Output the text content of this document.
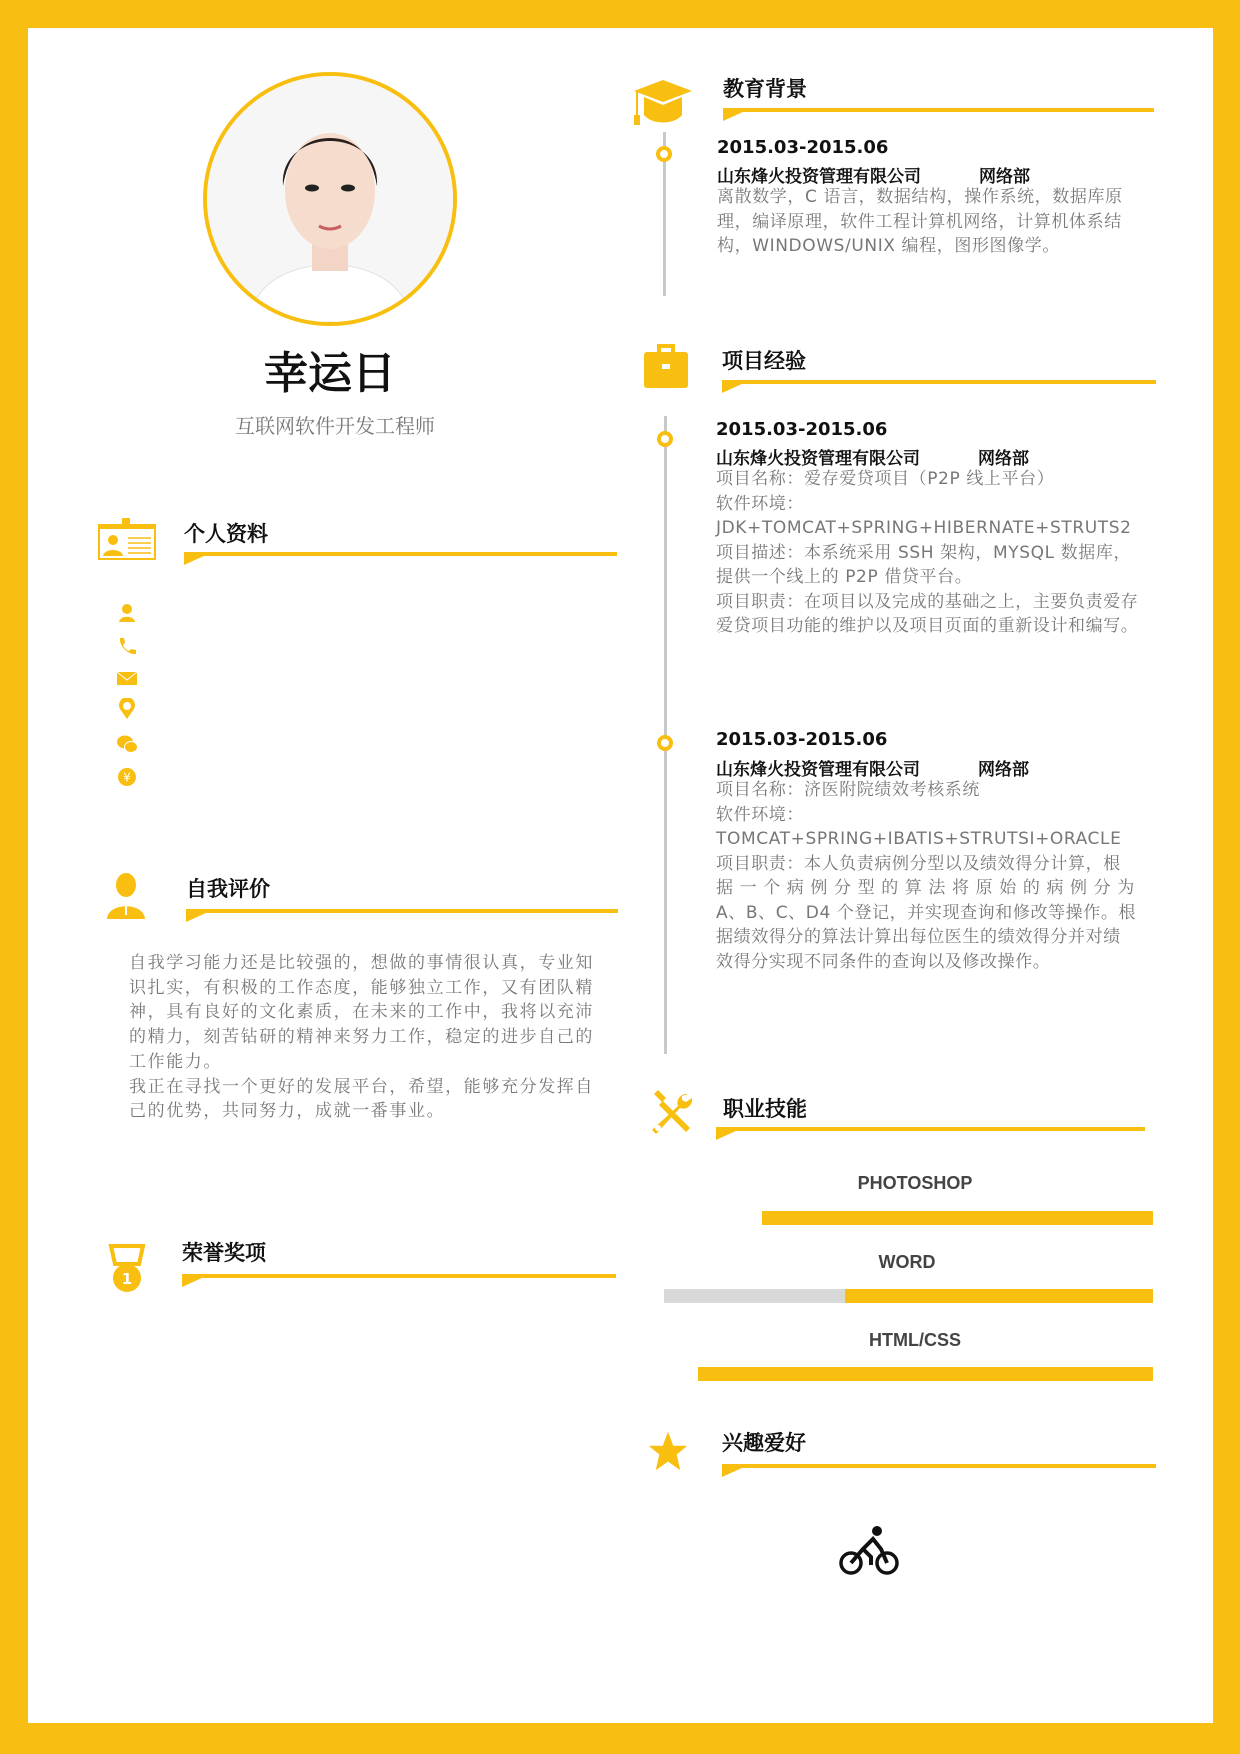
幸运日
互联网软件开发工程师
个人资料
¥
自我评价
自我学习能力还是比较强的，想做的事情很认真，专业知
识扎实，有积极的工作态度，能够独立工作，又有团队精
神，具有良好的文化素质，在未来的工作中，我将以充沛
的精力，刻苦钻研的精神来努力工作，稳定的进步自己的
工作能力。
我正在寻找一个更好的发展平台，希望，能够充分发挥自
己的优势，共同努力，成就一番事业。
1
荣誉奖项
教育背景
2015.03-2015.06
山东烽火投资管理有限公司	网络部
离散数学，C 语言，数据结构，操作系统，数据库原
理，编译原理，软件工程计算机网络，计算机体系结
构，WINDOWS/UNIX 编程，图形图像学。
项目经验
2015.03-2015.06
山东烽火投资管理有限公司	网络部
项目名称：爱存爱贷项目（P2P 线上平台）
软件环境：
JDK+TOMCAT+SPRING+HIBERNATE+STRUTS2
项目描述：本系统采用 SSH 架构，MYSQL 数据库，
提供一个线上的 P2P 借贷平台。
项目职责：在项目以及完成的基础之上，主要负责爱存
爱贷项目功能的维护以及项目页面的重新设计和编写。
2015.03-2015.06
山东烽火投资管理有限公司	网络部
项目名称：济医附院绩效考核系统
软件环境：
TOMCAT+SPRING+IBATIS+STRUTSI+ORACLE
项目职责：本人负责病例分型以及绩效得分计算，根
据 一 个 病 例 分 型 的 算 法 将 原 始 的 病 例 分 为
A、B、C、D4 个登记，并实现查询和修改等操作。根
据绩效得分的算法计算出每位医生的绩效得分并对绩
效得分实现不同条件的查询以及修改操作。
职业技能
PHOTOSHOP
WORD
HTML/CSS
兴趣爱好
